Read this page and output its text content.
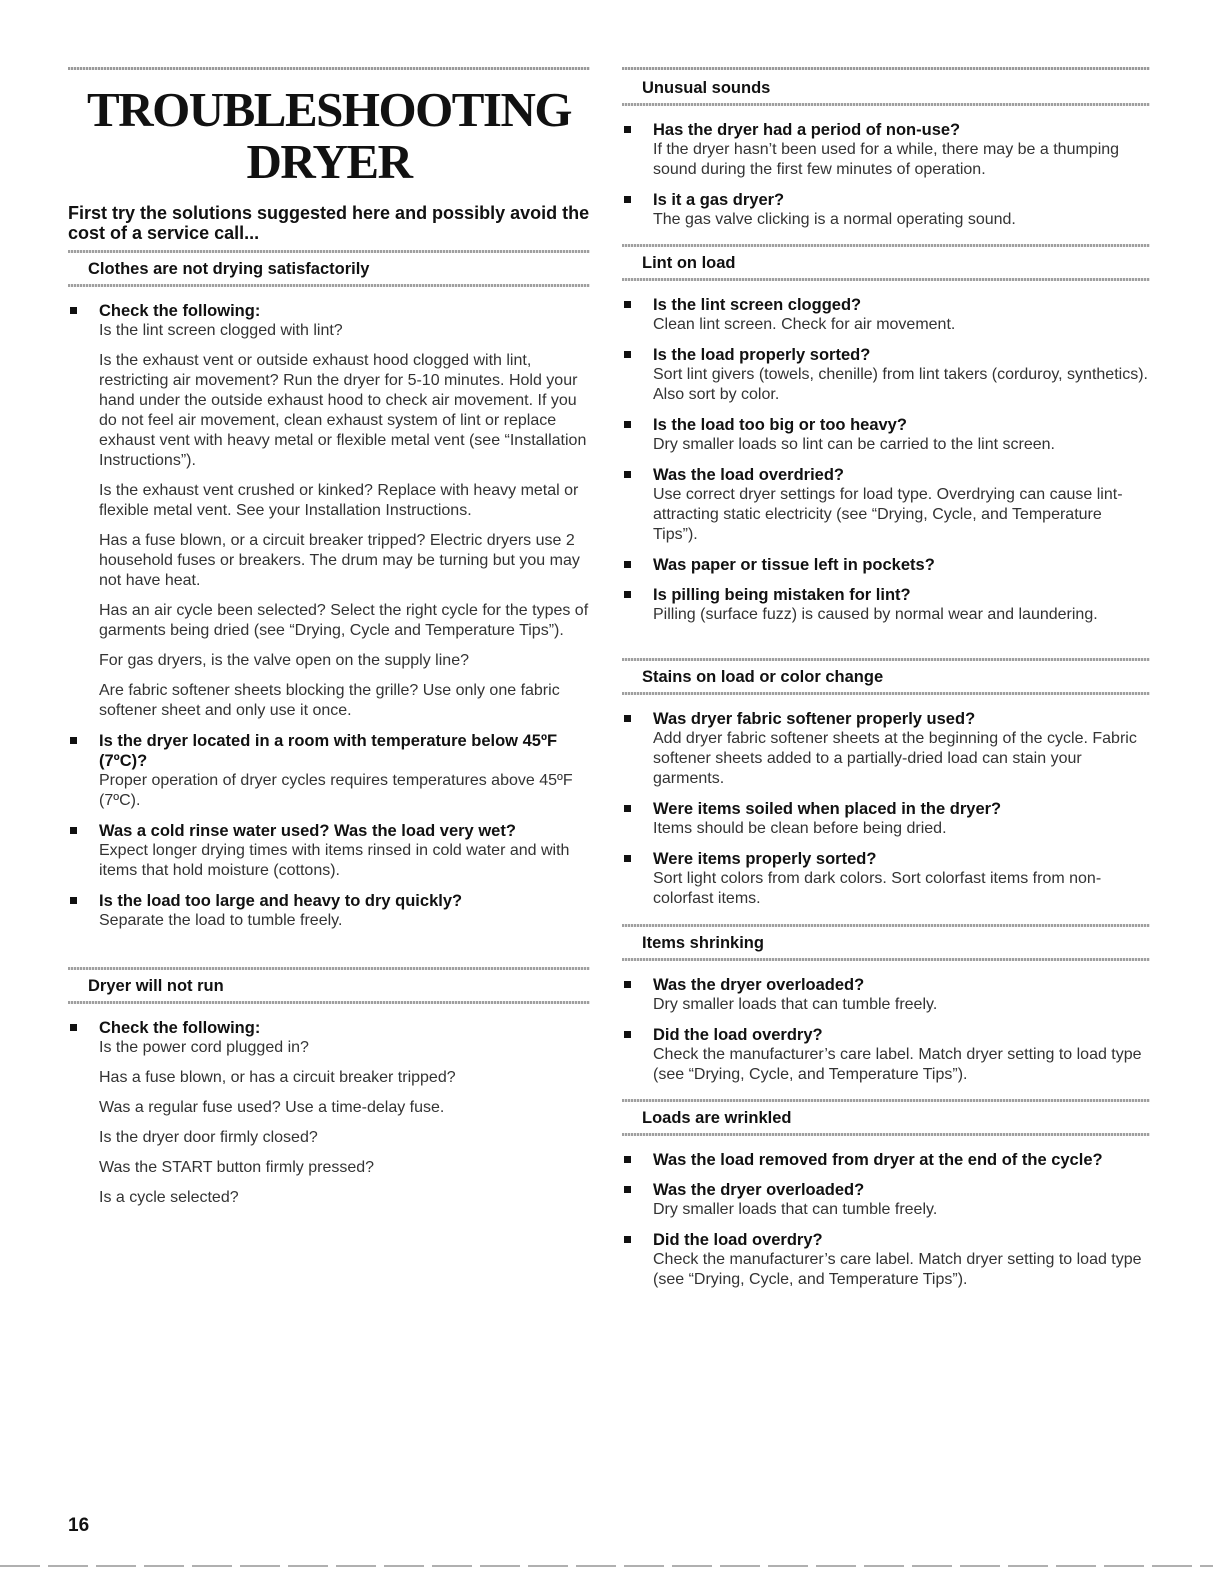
TROUBLESHOOTING
DRYER
First try the solutions suggested here and possibly avoid the cost of a service call...
Clothes are not drying satisfactorily
Check the following:
Is the lint screen clogged with lint?
Is the exhaust vent or outside exhaust hood clogged with lint, restricting air movement? Run the dryer for 5-10 minutes. Hold your hand under the outside exhaust hood to check air movement. If you do not feel air movement, clean exhaust system of lint or replace exhaust vent with heavy metal or flexible metal vent (see “Installation Instructions”).
Is the exhaust vent crushed or kinked? Replace with heavy metal or flexible metal vent. See your Installation Instructions.
Has a fuse blown, or a circuit breaker tripped? Electric dryers use 2 household fuses or breakers. The drum may be turning but you may not have heat.
Has an air cycle been selected? Select the right cycle for the types of garments being dried (see “Drying, Cycle and Temperature Tips”).
For gas dryers, is the valve open on the supply line?
Are fabric softener sheets blocking the grille? Use only one fabric softener sheet and only use it once.
Is the dryer located in a room with temperature below 45ºF (7ºC)?
Proper operation of dryer cycles requires temperatures above 45ºF (7ºC).
Was a cold rinse water used? Was the load very wet?
Expect longer drying times with items rinsed in cold water and with items that hold moisture (cottons).
Is the load too large and heavy to dry quickly?
Separate the load to tumble freely.
Dryer will not run
Check the following:
Is the power cord plugged in?
Has a fuse blown, or has a circuit breaker tripped?
Was a regular fuse used? Use a time-delay fuse.
Is the dryer door firmly closed?
Was the START button firmly pressed?
Is a cycle selected?
Unusual sounds
Has the dryer had a period of non-use?
If the dryer hasn’t been used for a while, there may be a thumping sound during the first few minutes of operation.
Is it a gas dryer?
The gas valve clicking is a normal operating sound.
Lint on load
Is the lint screen clogged?
Clean lint screen. Check for air movement.
Is the load properly sorted?
Sort lint givers (towels, chenille) from lint takers (corduroy, synthetics). Also sort by color.
Is the load too big or too heavy?
Dry smaller loads so lint can be carried to the lint screen.
Was the load overdried?
Use correct dryer settings for load type. Overdrying can cause lint-attracting static electricity (see “Drying, Cycle, and Temperature Tips”).
Was paper or tissue left in pockets?
Is pilling being mistaken for lint?
Pilling (surface fuzz) is caused by normal wear and laundering.
Stains on load or color change
Was dryer fabric softener properly used?
Add dryer fabric softener sheets at the beginning of the cycle. Fabric softener sheets added to a partially-dried load can stain your garments.
Were items soiled when placed in the dryer?
Items should be clean before being dried.
Were items properly sorted?
Sort light colors from dark colors. Sort colorfast items from non-colorfast items.
Items shrinking
Was the dryer overloaded?
Dry smaller loads that can tumble freely.
Did the load overdry?
Check the manufacturer’s care label. Match dryer setting to load type (see “Drying, Cycle, and Temperature Tips”).
Loads are wrinkled
Was the load removed from dryer at the end of the cycle?
Was the dryer overloaded?
Dry smaller loads that can tumble freely.
Did the load overdry?
Check the manufacturer’s care label. Match dryer setting to load type (see “Drying, Cycle, and Temperature Tips”).
16
